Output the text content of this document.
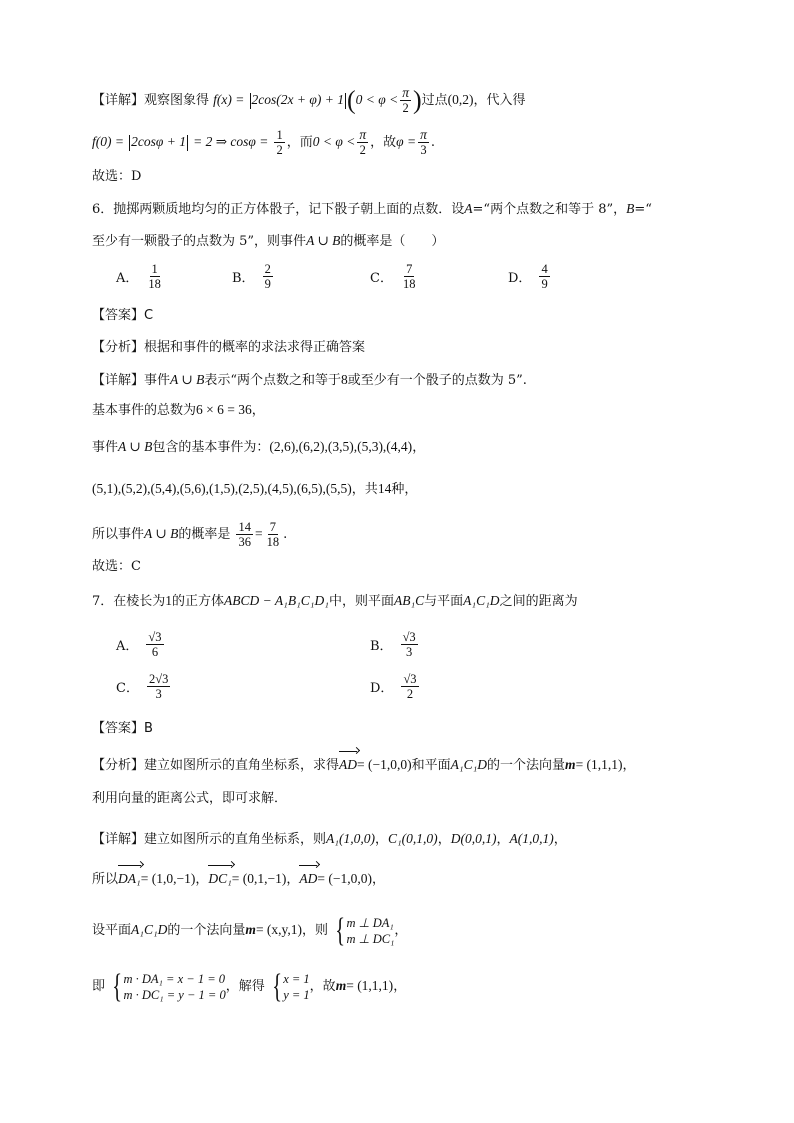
【详解】观察图象得 f(x) = 2cos(2x + φ) + 1 ($0 < \varphi < \frac{\pi}{2}$ )过点(0,2)，代入得
f(0) = 2cosφ + 1 = 2 ⇒ $\cos\varphi = \frac{1}{2}$ ，而$0 < \varphi < \frac{\pi}{2}$ ，故$\varphi = \frac{\pi}{3}$ .
故选：D
6．抛掷两颗质地均匀的正方体骰子，记下骰子朝上面的点数．设A=“两个点数之和等于 8”，B=“
至少有一颗骰子的点数为 5”，则事件A ∪ B的概率是（　　）
A． $\frac{1}{18}$	B． $\frac{2}{9}$	C． $\frac{7}{18}$	D． $\frac{4}{9}$
【答案】C
【分析】根据和事件的概率的求法求得正确答案
【详解】事件A ∪ B表示“两个点数之和等于8或至少有一个骰子的点数为 5”.
基本事件的总数为6 × 6 = 36，
事件A ∪ B包含的基本事件为：(2,6),(6,2),(3,5),(5,3),(4,4)，
(5,1),(5,2),(5,4),(5,6),(1,5),(2,5),(4,5),(6,5),(5,5)，共14种，
所以事件A ∪ B的概率是 $\frac{14}{36} = \frac{7}{18}$ .
故选：C
7．在棱长为1的正方体ABCD − A₁B₁C₁D₁中，则平面AB₁C与平面A₁C₁D之间的距离为
A． $\frac{√3}{6}$	B． $\frac{√3}{3}$
C． $\frac{2√3}{3}$	D． $\frac{√3}{2}$
【答案】B
【分析】建立如图所示的直角坐标系，求得AD= (−1,0,0)和平面A₁C₁D的一个法向量m= (1,1,1)，
利用向量的距离公式，即可求解．
【详解】建立如图所示的直角坐标系，则A₁(1,0,0)，C₁(0,1,0)，D(0,0,1)，A(1,0,1)，
所以DA₁= (1,0,−1)，DC₁= (0,1,−1)，AD= (−1,0,0)，
设平面A₁C₁D的一个法向量m= (x,y,1)，则 { m ⊥ DA₁
m ⊥ DC₁
，
即 { m · DA₁ = x − 1 = 0
m · DC₁ = y − 1 = 0
，解得 { x = 1
y = 1
，故m= (1,1,1)，
